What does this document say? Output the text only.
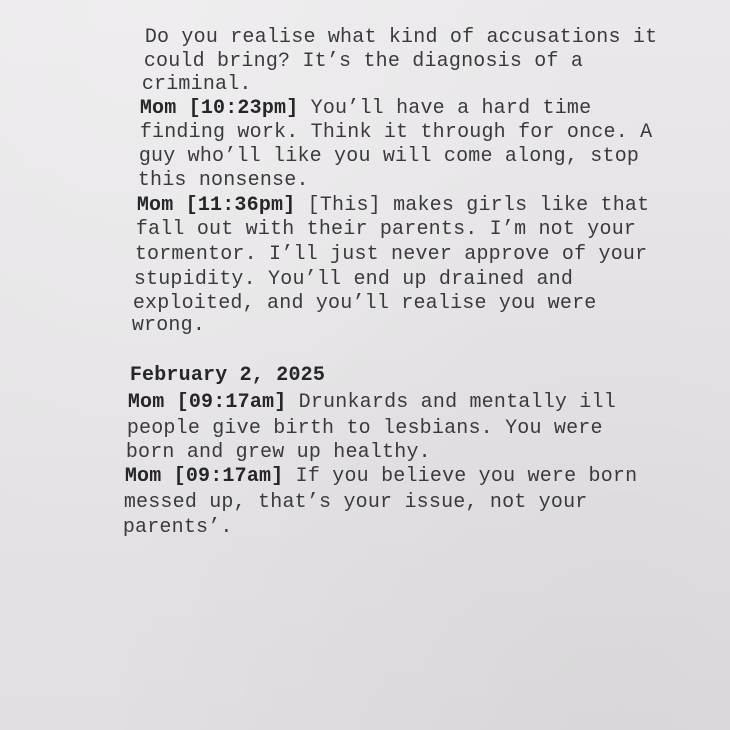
Do you realise what kind of accusations it

could bring? It’s the diagnosis of a

criminal.

Mom [10:23pm] You’ll have a hard time

finding work. Think it through for once. A

guy who’ll like you will come along, stop

this nonsense.

Mom [11:36pm] [This] makes girls like that

fall out with their parents. I’m not your

tormentor. I’ll just never approve of your

stupidity. You’ll end up drained and

exploited, and you’ll realise you were

wrong.

February 2, 2025

Mom [09:17am] Drunkards and mentally ill

people give birth to lesbians. You were

born and grew up healthy.

Mom [09:17am] If you believe you were born

messed up, that’s your issue, not your

parents’.
